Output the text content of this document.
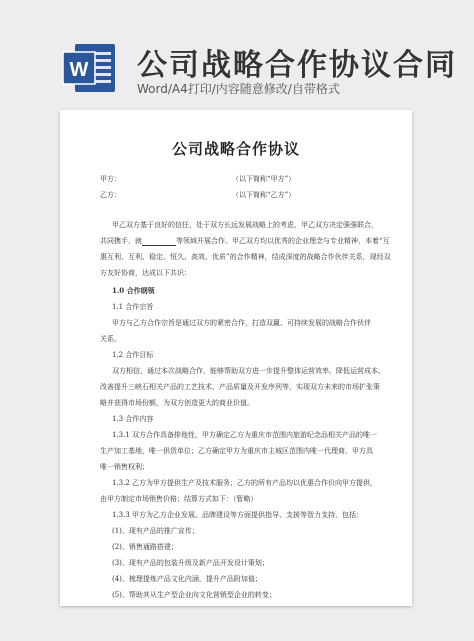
W 公司战略合作协议合同
Word/A4打印/内容随意修改/自带格式
公司战略合作协议
甲方：	（以下简称“甲方”）
乙方：	（以下简称“乙方”）
甲乙双方基于良好的信任，处于双方长远发展战略上的考虑，甲乙双方决定强强联合，
共同携手，就	等领域开展合作。甲乙双方均以优秀的企业理念与专业精神，本着“互
惠互利、互利、稳定、恒久、高效、优质”的合作精神，结成深度的战略合作伙伴关系，现经双
方友好协商，达成以下共识：
1.0 合作纲领
1.1 合作宗旨
甲方与乙方合作宗旨是通过双方的紧密合作，打造双赢、可持续发展的战略合作伙伴
关系。
1.2 合作目标
双方相信，通过本次战略合作，能够帮助双方进一步提升整体运营效率、降低运营成本、
改善提升三峡石相关产品的工艺技术、产品质量及开发序列等，实现双方未来的市场扩张策
略并获得市场份额，为双方创造更大的商业价值。
1.3 合作内容
1.3.1 双方合作具备排他性，甲方确定乙方为重庆市范围内旅游纪念品相关产品的唯一
生产加工基地，唯一供货单位；乙方确定甲方为重庆市主城区范围内唯一代理商，甲方具
唯一销售权利；
1.3.2 乙方为甲方提供生产及技术服务；乙方的所有产品均以优惠合作价向甲方提供，
由甲方制定市场销售价格；结算方式如下：（暂略）
1.3.3 甲方为乙方企业发展、品牌建设等方面提供指导、支援等智力支持，包括：
(1)、现有产品的推广宣传；
(2)、销售通路搭建；
(3)、现有产品的包装升级及新产品开发设计策划；
(4)、梳理提炼产品文化内涵，提升产品附加值；
(5)、帮助其从生产型企业向文化营销型企业的转变；
